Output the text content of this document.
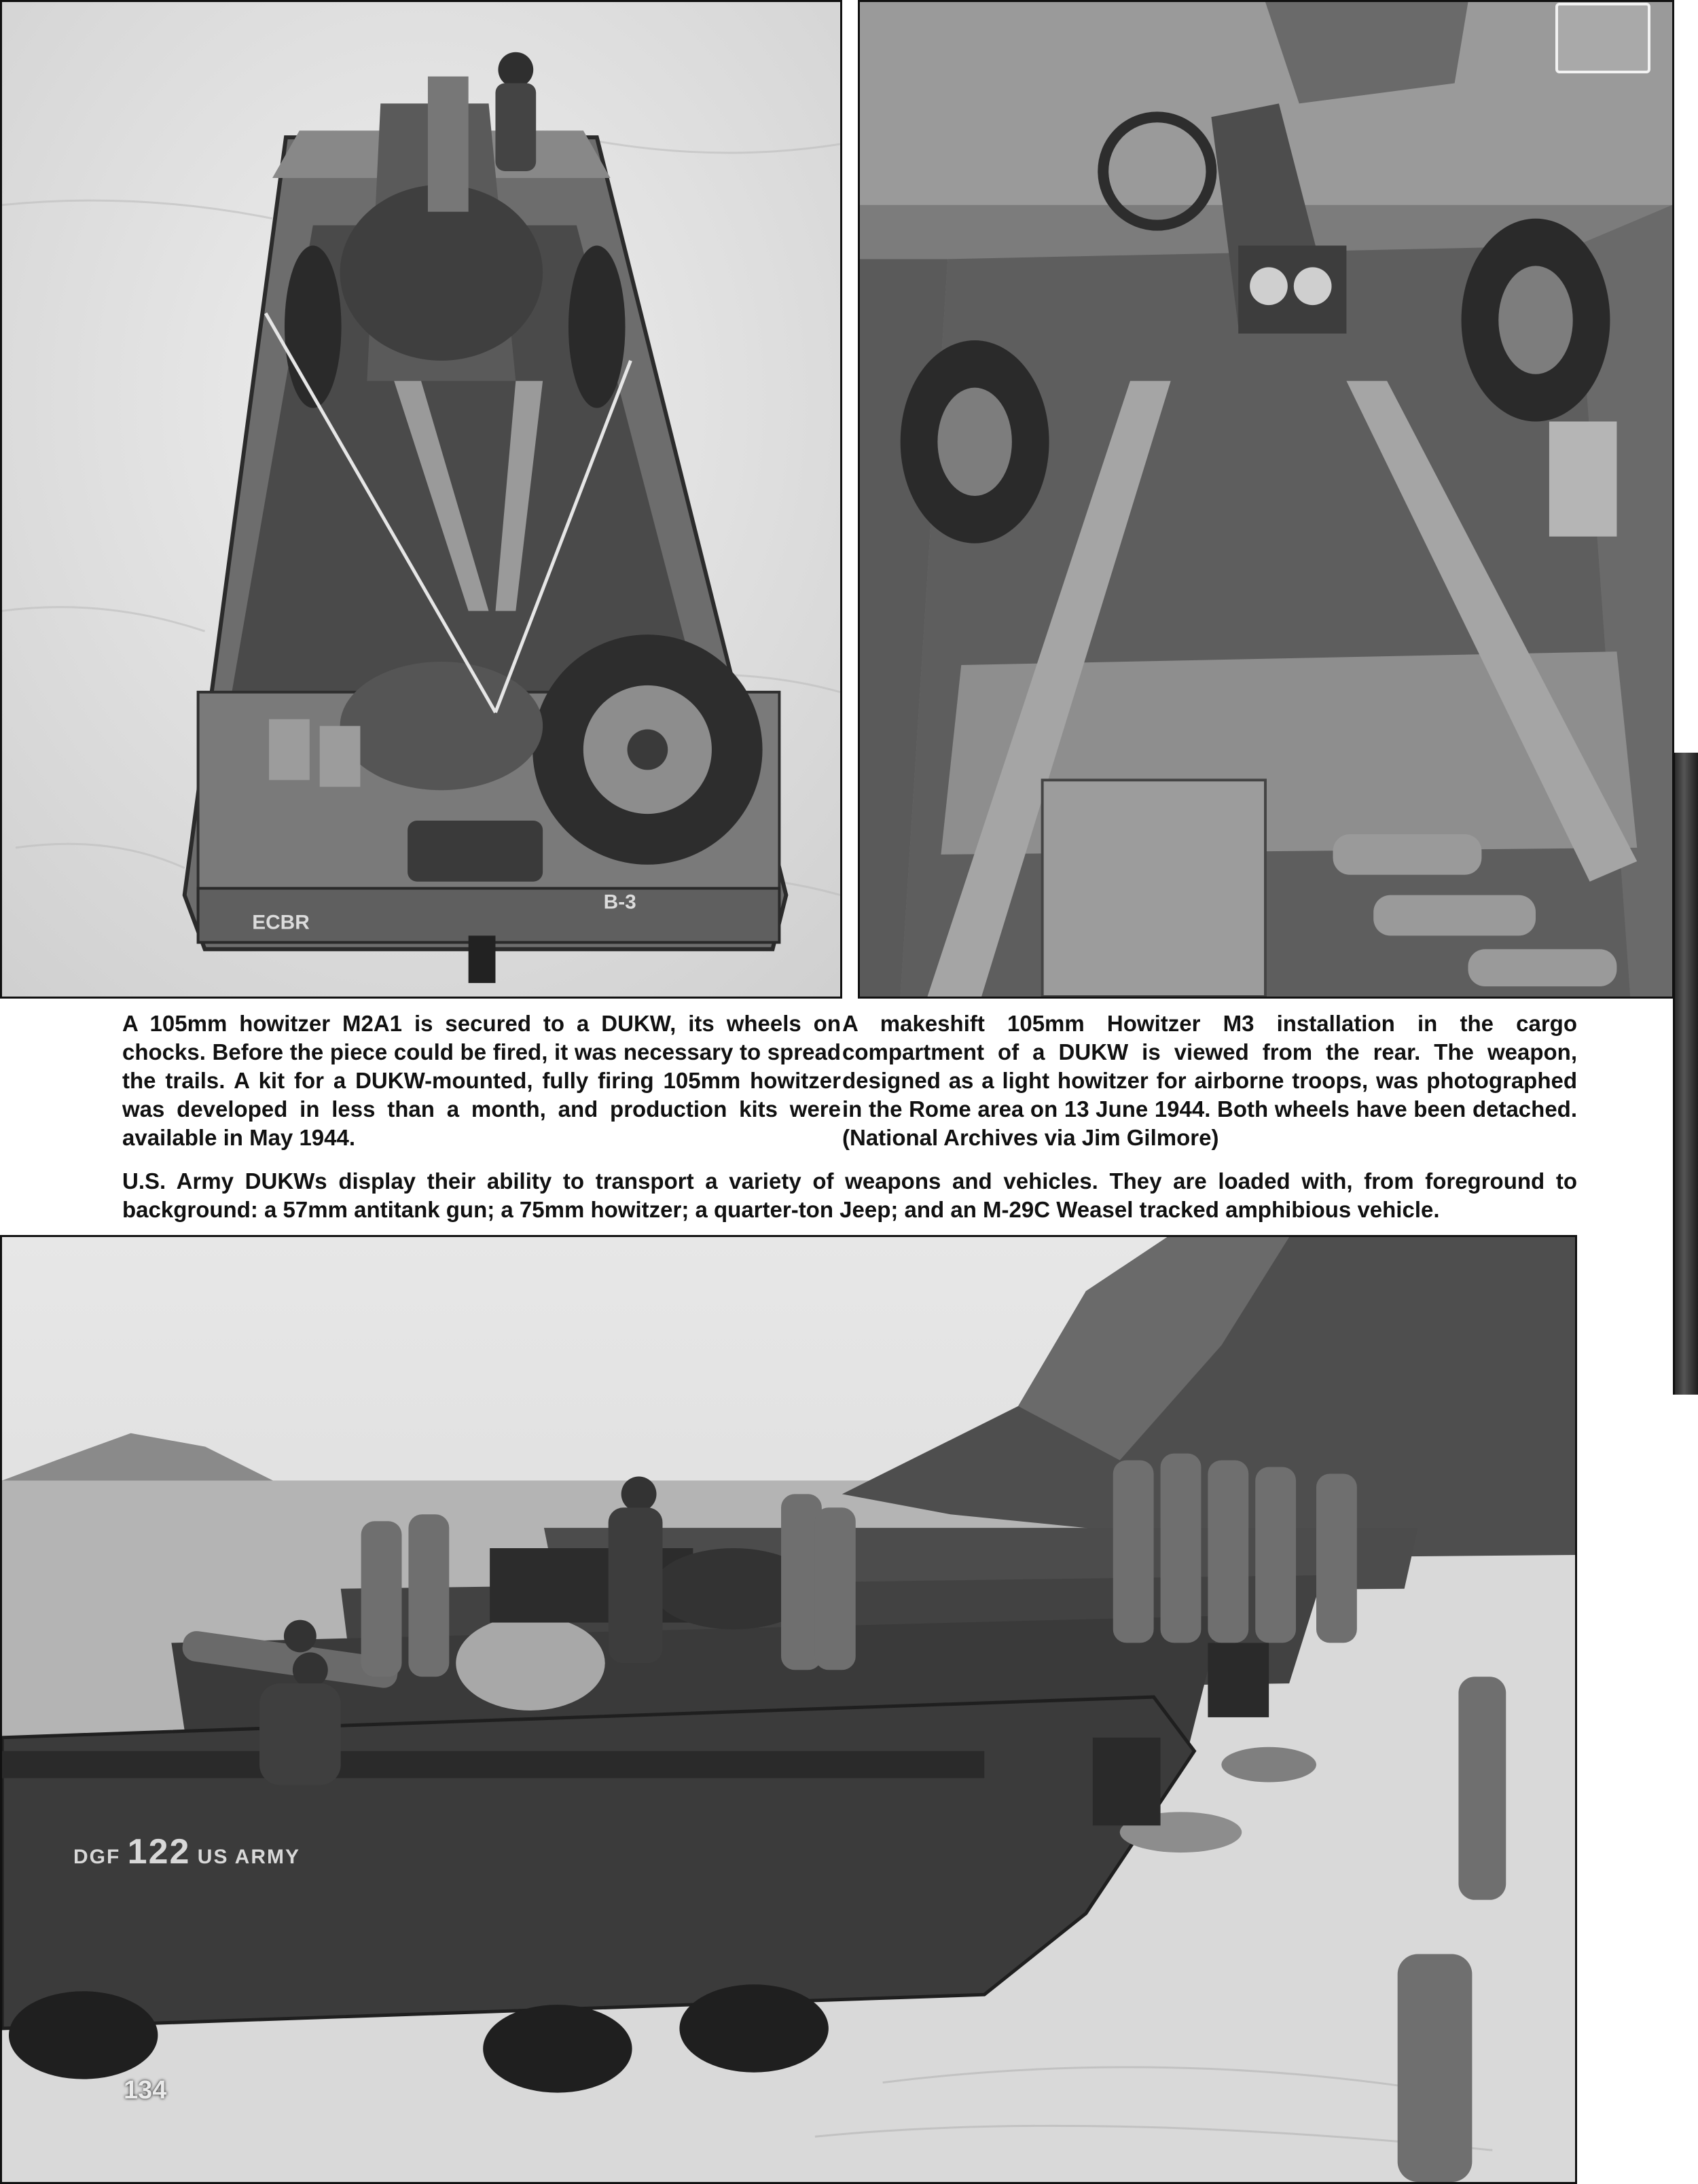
ECBR
B-3

A 105mm howitzer M2A1 is secured to a DUKW, its wheels on chocks. Before the piece could be fired, it was necessary to spread the trails. A kit for a DUKW-mounted, fully firing 105mm howitzer was developed in less than a month, and production kits were available in May 1944.

A makeshift 105mm Howitzer M3 installation in the cargo compartment of a DUKW is viewed from the rear. The weapon, designed as a light howitzer for airborne troops, was photographed in the Rome area on 13 June 1944. Both wheels have been detached. (National Archives via Jim Gilmore)

U.S. Army DUKWs display their ability to transport a variety of weapons and vehicles. They are loaded with, from foreground to background: a 57mm antitank gun; a 75mm howitzer; a quarter-ton Jeep; and an M-29C Weasel tracked amphibious vehicle.

DGF 122 US ARMY
134
